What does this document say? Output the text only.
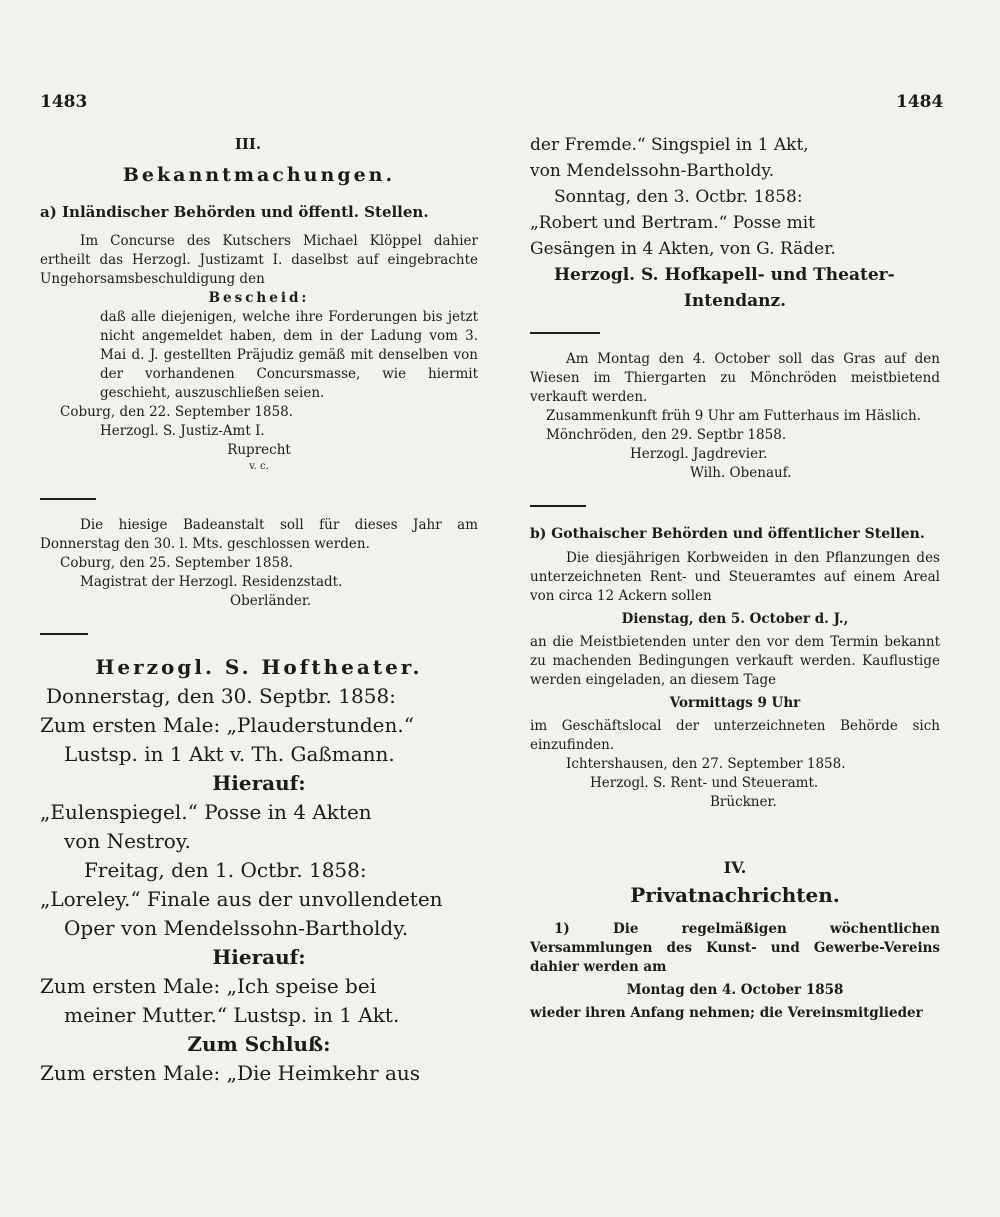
1483	1484
III.
Bekanntmachungen.
a) Inländischer Behörden und öffentl. Stellen.

Im Concurse des Kutschers Michael Klöppel dahier ertheilt das Herzogl. Justizamt I. daselbst auf eingebrachte Ungehorsamsbeschuldigung den

Bescheid:

daß alle diejenigen, welche ihre Forderungen bis jetzt nicht angemeldet haben, dem in der Ladung vom 3. Mai d. J. gestellten Präjudiz gemäß mit denselben von der vorhandenen Concursmasse, wie hiermit geschieht, auszuschließen seien.

Coburg, den 22. September 1858.

Herzogl. S. Justiz-Amt I.

Ruprecht

v. c.

Die hiesige Badeanstalt soll für dieses Jahr am Donnerstag den 30. l. Mts. geschlossen werden.

Coburg, den 25. September 1858.

Magistrat der Herzogl. Residenzstadt.

Oberländer.

Herzogl. S. Hoftheater.
Donnerstag, den 30. Septbr. 1858:
Zum ersten Male: „Plauderstunden.“
Lustsp. in 1 Akt v. Th. Gaßmann.
Hierauf:
„Eulenspiegel.“ Posse in 4 Akten
von Nestroy.
Freitag, den 1. Octbr. 1858:
„Loreley.“ Finale aus der unvollendeten
Oper von Mendelssohn-Bartholdy.
Hierauf:
Zum ersten Male: „Ich speise bei
meiner Mutter.“ Lustsp. in 1 Akt.
Zum Schluß:
Zum ersten Male: „Die Heimkehr aus
der Fremde.“ Singspiel in 1 Akt,
von Mendelssohn-Bartholdy.
Sonntag, den 3. Octbr. 1858:
„Robert und Bertram.“ Posse mit
Gesängen in 4 Akten, von G. Räder.
Herzogl. S. Hofkapell- und Theater-
Intendanz.

Am Montag den 4. October soll das Gras auf den Wiesen im Thiergarten zu Mönchröden meistbietend verkauft werden.

Zusammenkunft früh 9 Uhr am Futterhaus im Häslich.

Mönchröden, den 29. Septbr 1858.

Herzogl. Jagdrevier.

Wilh. Obenauf.

b) Gothaischer Behörden und öffentlicher Stellen.

Die diesjährigen Korbweiden in den Pflanzungen des unterzeichneten Rent- und Steueramtes auf einem Areal von circa 12 Ackern sollen

Dienstag, den 5. October d. J.,

an die Meistbietenden unter den vor dem Termin bekannt zu machenden Bedingungen verkauft werden. Kauflustige werden eingeladen, an diesem Tage

Vormittags 9 Uhr

im Geschäftslocal der unterzeichneten Behörde sich einzufinden.

Ichtershausen, den 27. September 1858.

Herzogl. S. Rent- und Steueramt.

Brückner.

IV.
Privatnachrichten.

1) Die regelmäßigen wöchentlichen Versammlungen des Kunst- und Gewerbe-Vereins dahier werden am

Montag den 4. October 1858

wieder ihren Anfang nehmen; die Vereinsmitglieder
